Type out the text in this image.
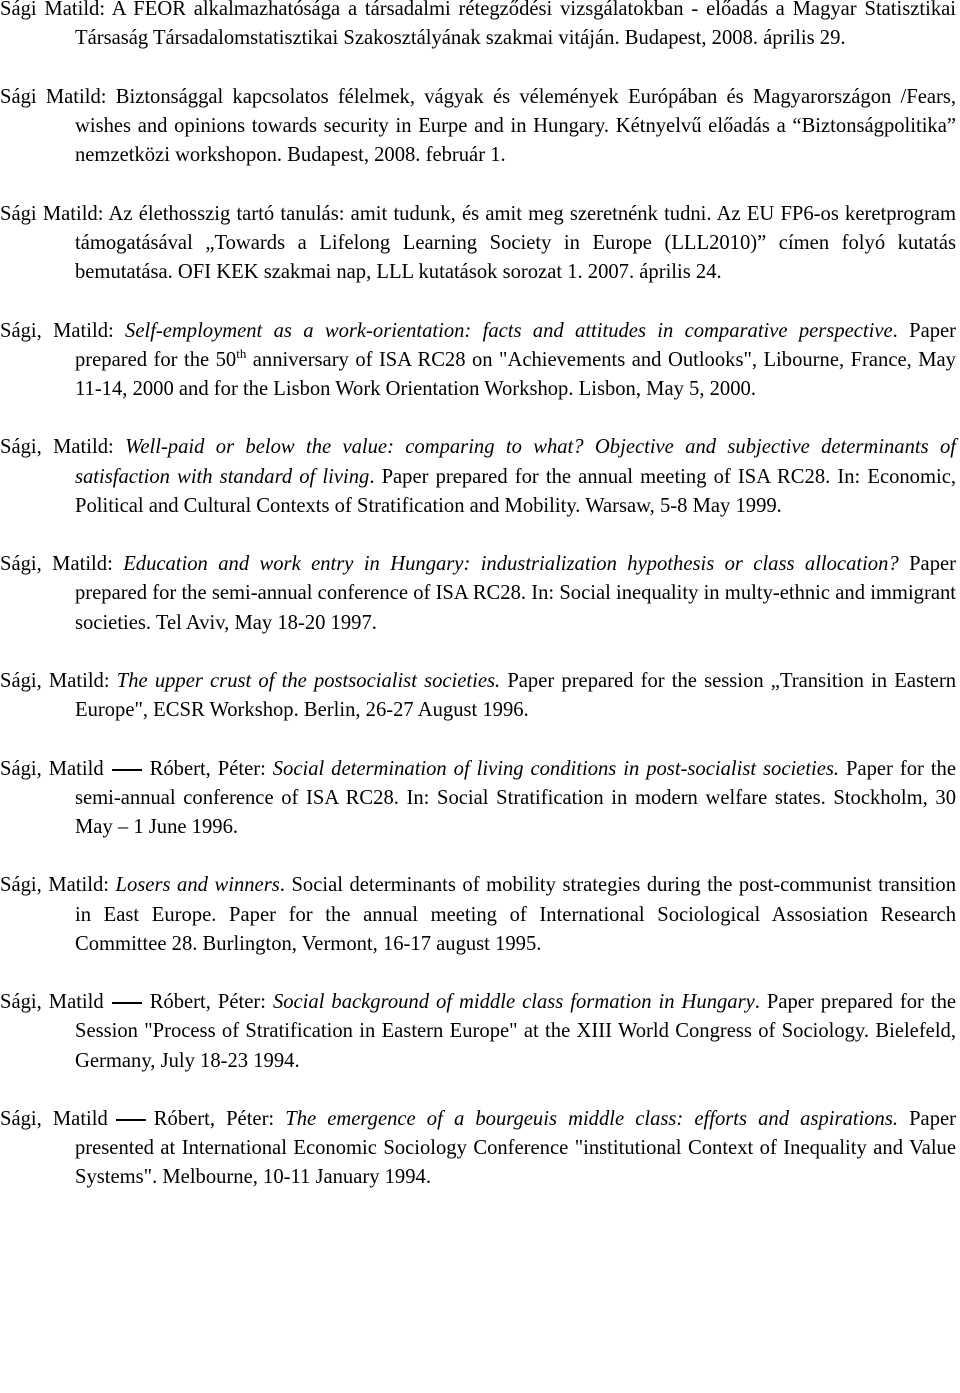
Sági Matild: A FEOR alkalmazhatósága a társadalmi rétegződési vizsgálatokban - előadás a Magyar Statisztikai Társaság Társadalomstatisztikai Szakosztályának szakmai vitáján. Budapest, 2008. április 29.

Sági Matild: Biztonsággal kapcsolatos félelmek, vágyak és vélemények Európában és Magyarországon /Fears, wishes and opinions towards security in Eurpe and in Hungary. Kétnyelvű előadás a “Biztonságpolitika” nemzetközi workshopon. Budapest, 2008. február 1.

Sági Matild: Az élethosszig tartó tanulás: amit tudunk, és amit meg szeretnénk tudni. Az EU FP6-os keretprogram támogatásával „Towards a Lifelong Learning Society in Europe (LLL2010)” címen folyó kutatás bemutatása. OFI KEK szakmai nap, LLL kutatások sorozat 1. 2007. április 24.

Sági, Matild: Self-employment as a work-orientation: facts and attitudes in comparative perspective. Paper prepared for the 50th anniversary of ISA RC28 on "Achievements and Outlooks", Libourne, France, May 11-14, 2000 and for the Lisbon Work Orientation Workshop. Lisbon, May 5, 2000.

Sági, Matild: Well-paid or below the value: comparing to what? Objective and subjective determinants of satisfaction with standard of living. Paper prepared for the annual meeting of ISA RC28. In: Economic, Political and Cultural Contexts of Stratification and Mobility. Warsaw, 5-8 May 1999.

Sági, Matild: Education and work entry in Hungary: industrialization hypothesis or class allocation? Paper prepared for the semi-annual conference of ISA RC28. In: Social inequality in multy-ethnic and immigrant societies. Tel Aviv, May 18-20 1997.

Sági, Matild: The upper crust of the postsocialist societies. Paper prepared for the session „Transition in Eastern Europe", ECSR Workshop. Berlin, 26-27 August 1996.

Sági, Matild Róbert, Péter: Social determination of living conditions in post-socialist societies. Paper for the semi-annual conference of ISA RC28. In: Social Stratification in modern welfare states. Stockholm, 30 May – 1 June 1996.

Sági, Matild: Losers and winners. Social determinants of mobility strategies during the post-communist transition in East Europe. Paper for the annual meeting of International Sociological Assosiation Research Committee 28. Burlington, Vermont, 16-17 august 1995.

Sági, Matild Róbert, Péter: Social background of middle class formation in Hungary. Paper prepared for the Session "Process of Stratification in Eastern Europe" at the XIII World Congress of Sociology. Bielefeld, Germany, July 18-23 1994.

Sági, Matild Róbert, Péter: The emergence of a bourgeuis middle class: efforts and aspirations. Paper presented at International Economic Sociology Conference "institutional Context of Inequality and Value Systems". Melbourne, 10-11 January 1994.
